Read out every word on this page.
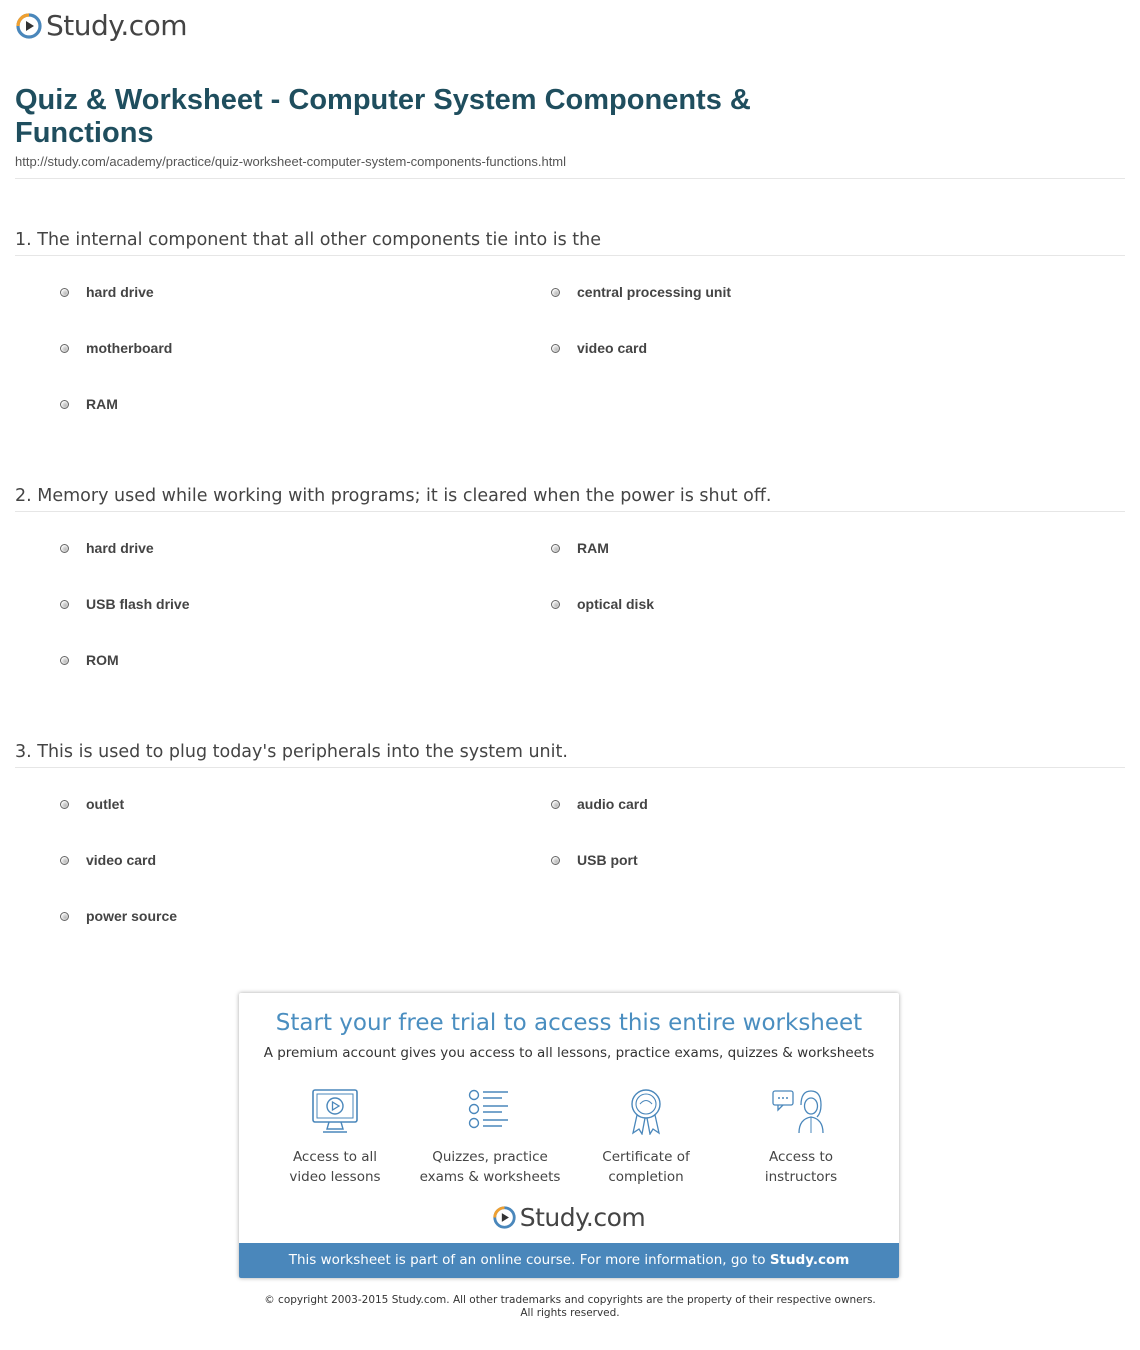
Study.com
Quiz & Worksheet - Computer System Components & Functions
http://study.com/academy/practice/quiz-worksheet-computer-system-components-functions.html
1. The internal component that all other components tie into is the
hard drive	central processing unit
motherboard	video card
RAM
2. Memory used while working with programs; it is cleared when the power is shut off.
hard drive	RAM
USB flash drive	optical disk
ROM
3. This is used to plug today's peripherals into the system unit.
outlet	audio card
video card	USB port
power source
Start your free trial to access this entire worksheet
A premium account gives you access to all lessons, practice exams, quizzes & worksheets
Access to all
video lessons
Quizzes, practice
exams & worksheets
Certificate of
completion
Access to
instructors
Study.com
This worksheet is part of an online course. For more information, go to Study.com
© copyright 2003-2015 Study.com. All other trademarks and copyrights are the property of their respective owners.
All rights reserved.
